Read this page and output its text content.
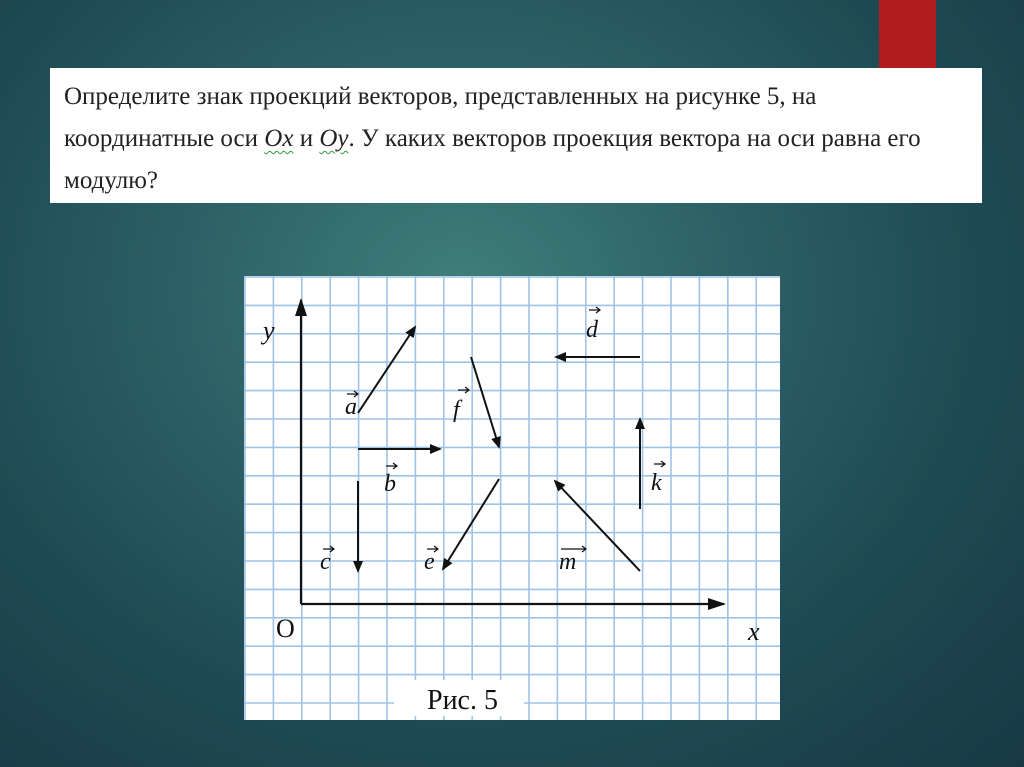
Определите знак проекций векторов, представленных на рисунке 5, на координатные оси Ox и Oy. У каких векторов проекция вектора на оси равна его модулю?

a
b
c
d
e
f
k
m
y
O	x
Рис. 5
